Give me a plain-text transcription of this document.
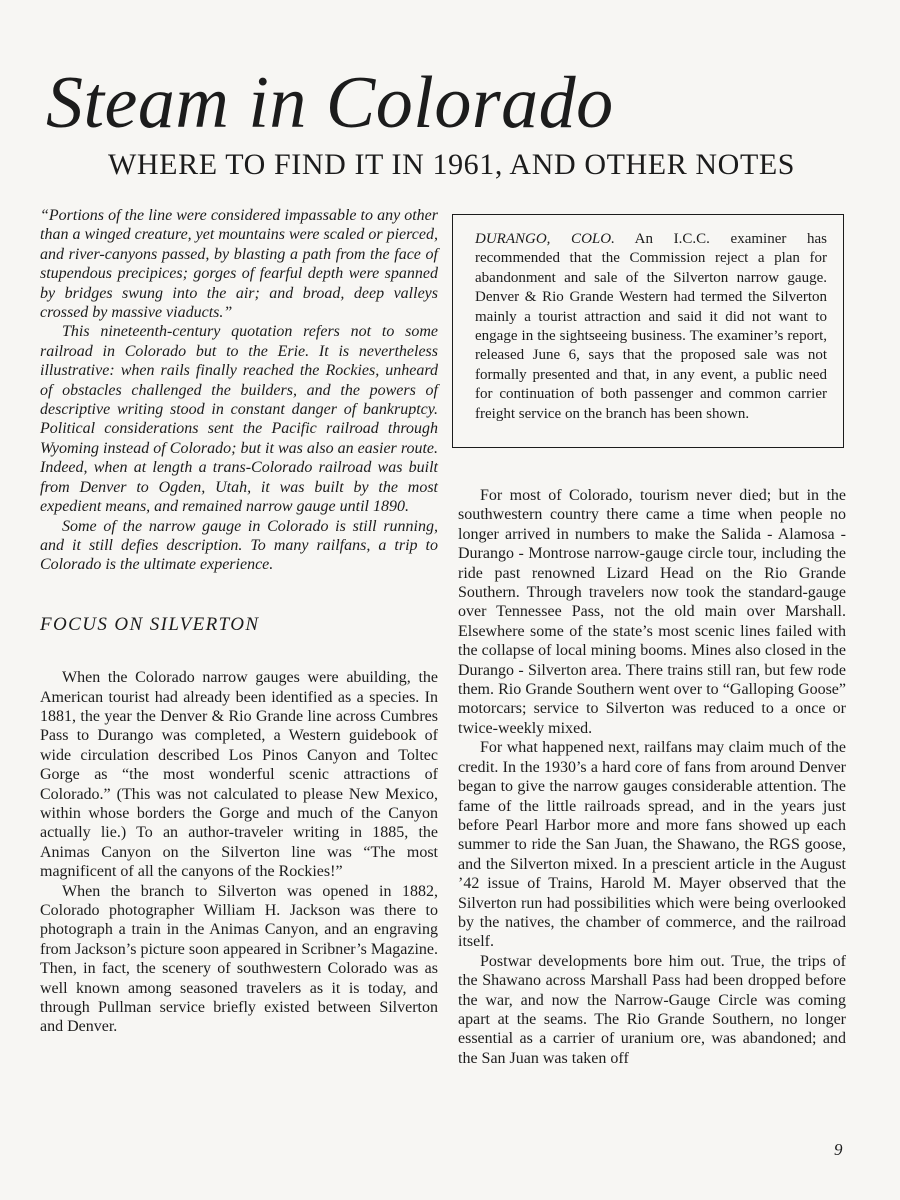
Steam in Colorado
WHERE TO FIND IT IN 1961, AND OTHER NOTES

“Portions of the line were considered impassable to any other than a winged creature, yet mountains were scaled or pierced, and river-canyons passed, by blasting a path from the face of stupendous precipices; gorges of fearful depth were spanned by bridges swung into the air; and broad, deep valleys crossed by massive viaducts.”

This nineteenth-century quotation refers not to some railroad in Colorado but to the Erie. It is nevertheless illustrative: when rails finally reached the Rockies, unheard of obstacles challenged the builders, and the powers of descriptive writing stood in constant danger of bankruptcy. Political considerations sent the Pacific railroad through Wyoming instead of Colorado; but it was also an easier route. Indeed, when at length a trans-Colorado railroad was built from Denver to Ogden, Utah, it was built by the most expedient means, and remained narrow gauge until 1890.

Some of the narrow gauge in Colorado is still running, and it still defies description. To many railfans, a trip to Colorado is the ultimate experience.

FOCUS ON SILVERTON

When the Colorado narrow gauges were abuilding, the American tourist had already been identified as a species. In 1881, the year the Denver & Rio Grande line across Cumbres Pass to Durango was completed, a Western guidebook of wide circulation described Los Pinos Canyon and Toltec Gorge as “the most wonderful scenic attractions of Colorado.” (This was not calculated to please New Mexico, within whose borders the Gorge and much of the Canyon actually lie.) To an author-traveler writing in 1885, the Animas Canyon on the Silverton line was “The most magnificent of all the canyons of the Rockies!”

When the branch to Silverton was opened in 1882, Colorado photographer William H. Jackson was there to photograph a train in the Animas Canyon, and an engraving from Jackson’s picture soon appeared in Scribner’s Magazine. Then, in fact, the scenery of southwestern Colorado was as well known among seasoned travelers as it is today, and through Pullman service briefly existed between Silverton and Denver.

DURANGO, COLO. An I.C.C. examiner has recommended that the Commission reject a plan for abandonment and sale of the Silverton narrow gauge. Denver & Rio Grande Western had termed the Silverton mainly a tourist attraction and said it did not want to engage in the sightseeing business. The examiner’s report, released June 6, says that the proposed sale was not formally presented and that, in any event, a public need for continuation of both passenger and common carrier freight service on the branch has been shown.

For most of Colorado, tourism never died; but in the southwestern country there came a time when people no longer arrived in numbers to make the Salida - Alamosa - Durango - Montrose narrow-gauge circle tour, including the ride past renowned Lizard Head on the Rio Grande Southern. Through travelers now took the standard-gauge over Tennessee Pass, not the old main over Marshall. Elsewhere some of the state’s most scenic lines failed with the collapse of local mining booms. Mines also closed in the Durango - Silverton area. There trains still ran, but few rode them. Rio Grande Southern went over to “Galloping Goose” motorcars; service to Silverton was reduced to a once or twice-weekly mixed.

For what happened next, railfans may claim much of the credit. In the 1930’s a hard core of fans from around Denver began to give the narrow gauges considerable attention. The fame of the little railroads spread, and in the years just before Pearl Harbor more and more fans showed up each summer to ride the San Juan, the Shawano, the RGS goose, and the Silverton mixed. In a prescient article in the August ’42 issue of Trains, Harold M. Mayer observed that the Silverton run had possibilities which were being overlooked by the natives, the chamber of commerce, and the railroad itself.

Postwar developments bore him out. True, the trips of the Shawano across Marshall Pass had been dropped before the war, and now the Narrow-Gauge Circle was coming apart at the seams. The Rio Grande Southern, no longer essential as a carrier of uranium ore, was abandoned; and the San Juan was taken off

9
